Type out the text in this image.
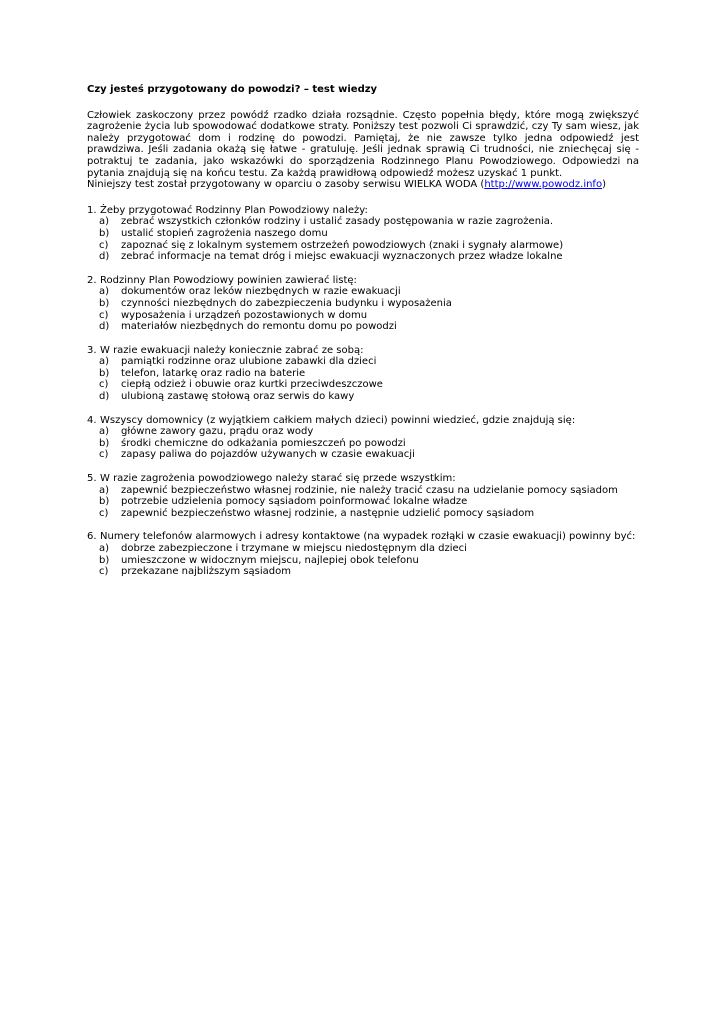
Czy jesteś przygotowany do powodzi? – test wiedzy

Człowiek zaskoczony przez powódź rzadko działa rozsądnie. Często popełnia błędy, które mogą zwiększyć zagrożenie życia lub spowodować dodatkowe straty. Poniższy test pozwoli Ci sprawdzić, czy Ty sam wiesz, jak należy przygotować dom i rodzinę do powodzi. Pamiętaj, że nie zawsze tylko jedna odpowiedź jest prawdziwa. Jeśli zadania okażą się łatwe - gratuluję. Jeśli jednak sprawią Ci trudności, nie zniechęcaj się - potraktuj te zadania, jako wskazówki do sporządzenia Rodzinnego Planu Powodziowego. Odpowiedzi na pytania znajdują się na końcu testu. Za każdą prawidłową odpowiedź możesz uzyskać 1 punkt.

Niniejszy test został przygotowany w oparciu o zasoby serwisu WIELKA WODA (http://www.powodz.info)

1. Żeby przygotować Rodzinny Plan Powodziowy należy:
a)	zebrać wszystkich członków rodziny i ustalić zasady postępowania w razie zagrożenia.
b)	ustalić stopień zagrożenia naszego domu
c)	zapoznać się z lokalnym systemem ostrzeżeń powodziowych (znaki i sygnały alarmowe)
d)	zebrać informacje na temat dróg i miejsc ewakuacji wyznaczonych przez władze lokalne
2. Rodzinny Plan Powodziowy powinien zawierać listę:
a)	dokumentów oraz leków niezbędnych w razie ewakuacji
b)	czynności niezbędnych do zabezpieczenia budynku i wyposażenia
c)	wyposażenia i urządzeń pozostawionych w domu
d)	materiałów niezbędnych do remontu domu po powodzi
3. W razie ewakuacji należy koniecznie zabrać ze sobą:
a)	pamiątki rodzinne oraz ulubione zabawki dla dzieci
b)	telefon, latarkę oraz radio na baterie
c)	ciepłą odzież i obuwie oraz kurtki przeciwdeszczowe
d)	ulubioną zastawę stołową oraz serwis do kawy
4. Wszyscy domownicy (z wyjątkiem całkiem małych dzieci) powinni wiedzieć, gdzie znajdują się:
a)	główne zawory gazu, prądu oraz wody
b)	środki chemiczne do odkażania pomieszczeń po powodzi
c)	zapasy paliwa do pojazdów używanych w czasie ewakuacji
5. W razie zagrożenia powodziowego należy starać się przede wszystkim:
a)	zapewnić bezpieczeństwo własnej rodzinie, nie należy tracić czasu na udzielanie pomocy sąsiadom
b)	potrzebie udzielenia pomocy sąsiadom poinformować lokalne władze
c)	zapewnić bezpieczeństwo własnej rodzinie, a następnie udzielić pomocy sąsiadom
6. Numery telefonów alarmowych i adresy kontaktowe (na wypadek rozłąki w czasie ewakuacji) powinny być:
a)	dobrze zabezpieczone i trzymane w miejscu niedostępnym dla dzieci
b)	umieszczone w widocznym miejscu, najlepiej obok telefonu
c)	przekazane najbliższym sąsiadom
